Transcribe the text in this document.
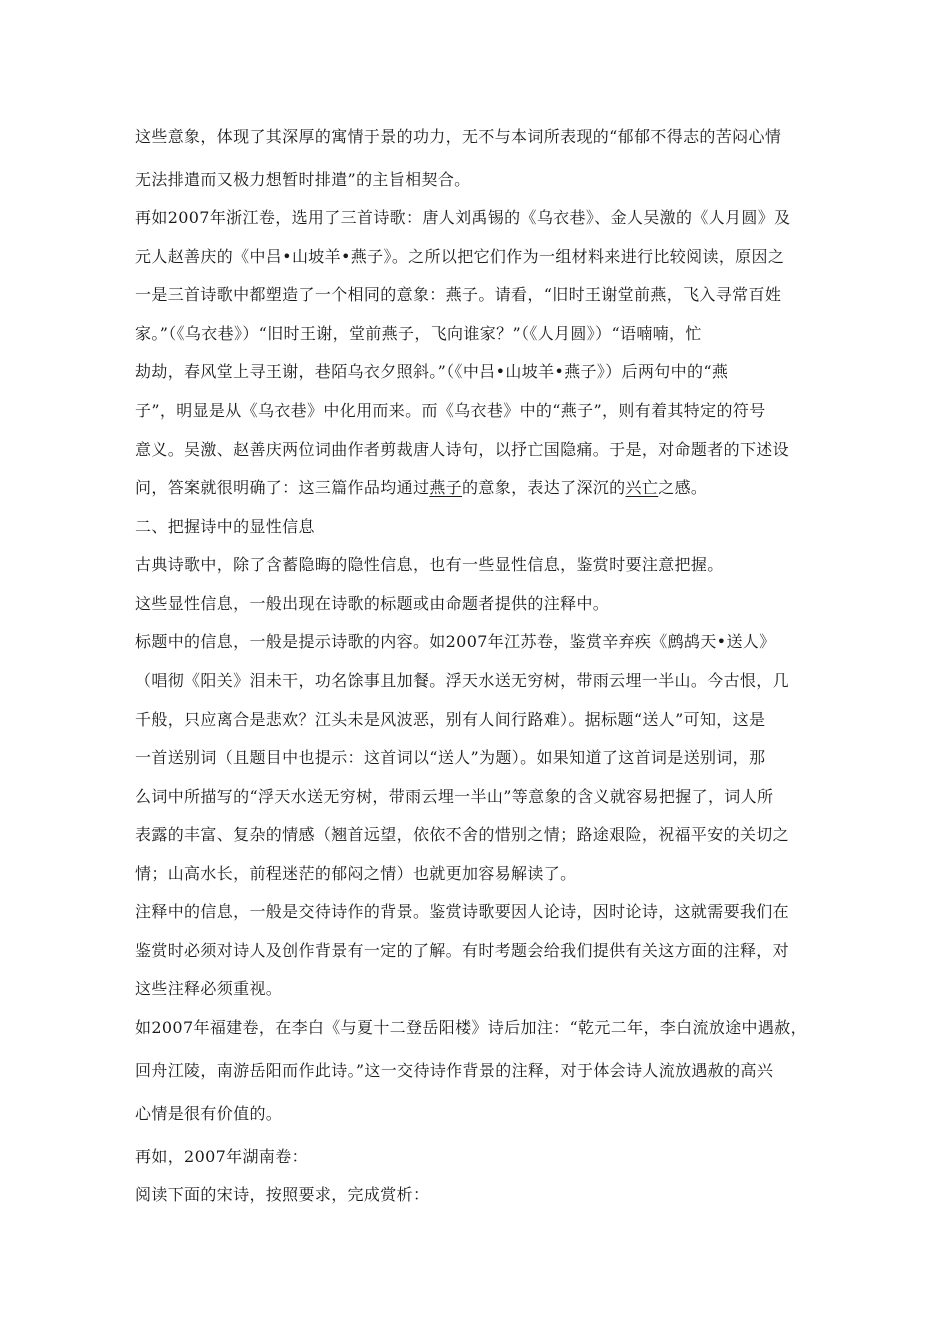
这些意象，体现了其深厚的寓情于景的功力，无不与本词所表现的“郁郁不得志的苦闷心情
无法排遣而又极力想暂时排遣”的主旨相契合。
再如2007年浙江卷，选用了三首诗歌：唐人刘禹锡的《乌衣巷》、金人吴激的《人月圆》及
元人赵善庆的《中吕•山坡羊•燕子》。之所以把它们作为一组材料来进行比较阅读，原因之
一是三首诗歌中都塑造了一个相同的意象：燕子。请看，“旧时王谢堂前燕，飞入寻常百姓
家。”（《乌衣巷》）“旧时王谢，堂前燕子，飞向谁家？”（《人月圆》）“语喃喃，忙
劫劫，春风堂上寻王谢，巷陌乌衣夕照斜。”（《中吕•山坡羊•燕子》）后两句中的“燕
子”，明显是从《乌衣巷》中化用而来。而《乌衣巷》中的“燕子”，则有着其特定的符号
意义。吴激、赵善庆两位词曲作者剪裁唐人诗句，以抒亡国隐痛。于是，对命题者的下述设
问，答案就很明确了：这三篇作品均通过燕子的意象，表达了深沉的兴亡之感。
二、把握诗中的显性信息
古典诗歌中，除了含蓄隐晦的隐性信息，也有一些显性信息，鉴赏时要注意把握。
这些显性信息，一般出现在诗歌的标题或由命题者提供的注释中。
标题中的信息，一般是提示诗歌的内容。如2007年江苏卷，鉴赏辛弃疾《鹧鸪天•送人》
（唱彻《阳关》泪未干，功名馀事且加餐。浮天水送无穷树，带雨云埋一半山。今古恨，几
千般，只应离合是悲欢？江头未是风波恶，别有人间行路难）。据标题“送人”可知，这是
一首送别词（且题目中也提示：这首词以“送人”为题）。如果知道了这首词是送别词，那
么词中所描写的“浮天水送无穷树，带雨云埋一半山”等意象的含义就容易把握了，词人所
表露的丰富、复杂的情感（翘首远望，依依不舍的惜别之情；路途艰险，祝福平安的关切之
情；山高水长，前程迷茫的郁闷之情）也就更加容易解读了。
注释中的信息，一般是交待诗作的背景。鉴赏诗歌要因人论诗，因时论诗，这就需要我们在
鉴赏时必须对诗人及创作背景有一定的了解。有时考题会给我们提供有关这方面的注释，对
这些注释必须重视。
如2007年福建卷，在李白《与夏十二登岳阳楼》诗后加注：“乾元二年，李白流放途中遇赦，
回舟江陵，南游岳阳而作此诗。”这一交待诗作背景的注释，对于体会诗人流放遇赦的高兴
心情是很有价值的。
再如，2007年湖南卷：
阅读下面的宋诗，按照要求，完成赏析：
